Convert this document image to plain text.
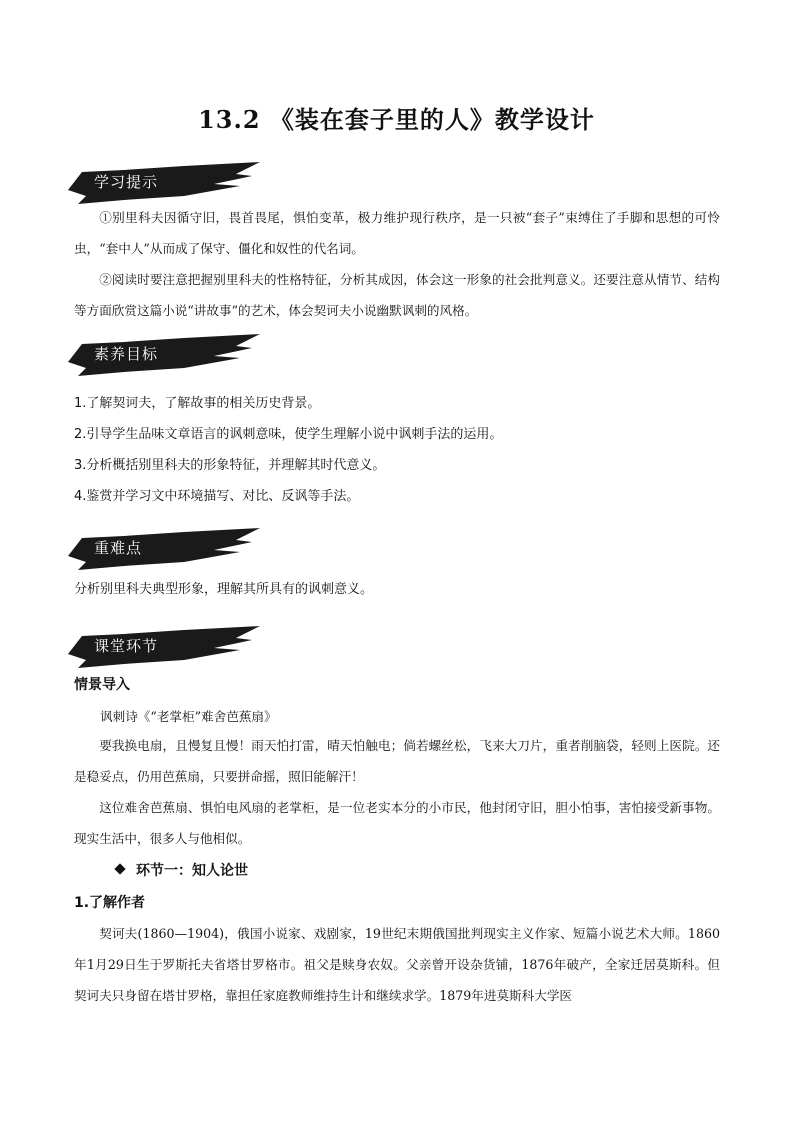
13.2 《装在套子里的人》教学设计
学习提示
①别里科夫因循守旧，畏首畏尾，惧怕变革，极力维护现行秩序，是一只被“套子”束缚住了手脚和思想的可怜虫，“套中人”从而成了保守、僵化和奴性的代名词。
②阅读时要注意把握别里科夫的性格特征，分析其成因，体会这一形象的社会批判意义。还要注意从情节、结构等方面欣赏这篇小说“讲故事”的艺术，体会契诃夫小说幽默讽刺的风格。
素养目标
1.了解契诃夫，了解故事的相关历史背景。
2.引导学生品味文章语言的讽刺意味，使学生理解小说中讽刺手法的运用。
3.分析概括别里科夫的形象特征，并理解其时代意义。
4.鉴赏并学习文中环境描写、对比、反讽等手法。
重难点
分析别里科夫典型形象，理解其所具有的讽刺意义。
课堂环节
情景导入
讽刺诗《“老掌柜”难舍芭蕉扇》
要我换电扇，且慢复且慢！雨天怕打雷，晴天怕触电；倘若螺丝松，飞来大刀片，重者削脑袋，轻则上医院。还是稳妥点，仍用芭蕉扇，只要拼命摇，照旧能解汗！
这位难舍芭蕉扇、惧怕电风扇的老掌柜，是一位老实本分的小市民，他封闭守旧，胆小怕事，害怕接受新事物。现实生活中，很多人与他相似。
环节一：知人论世
1.了解作者
契诃夫(1860—1904)，俄国小说家、戏剧家，19世纪末期俄国批判现实主义作家、短篇小说艺术大师。1860年1月29日生于罗斯托夫省塔甘罗格市。祖父是赎身农奴。父亲曾开设杂货铺，1876年破产，全家迁居莫斯科。但契诃夫只身留在塔甘罗格，靠担任家庭教师维持生计和继续求学。1879年进莫斯科大学医
